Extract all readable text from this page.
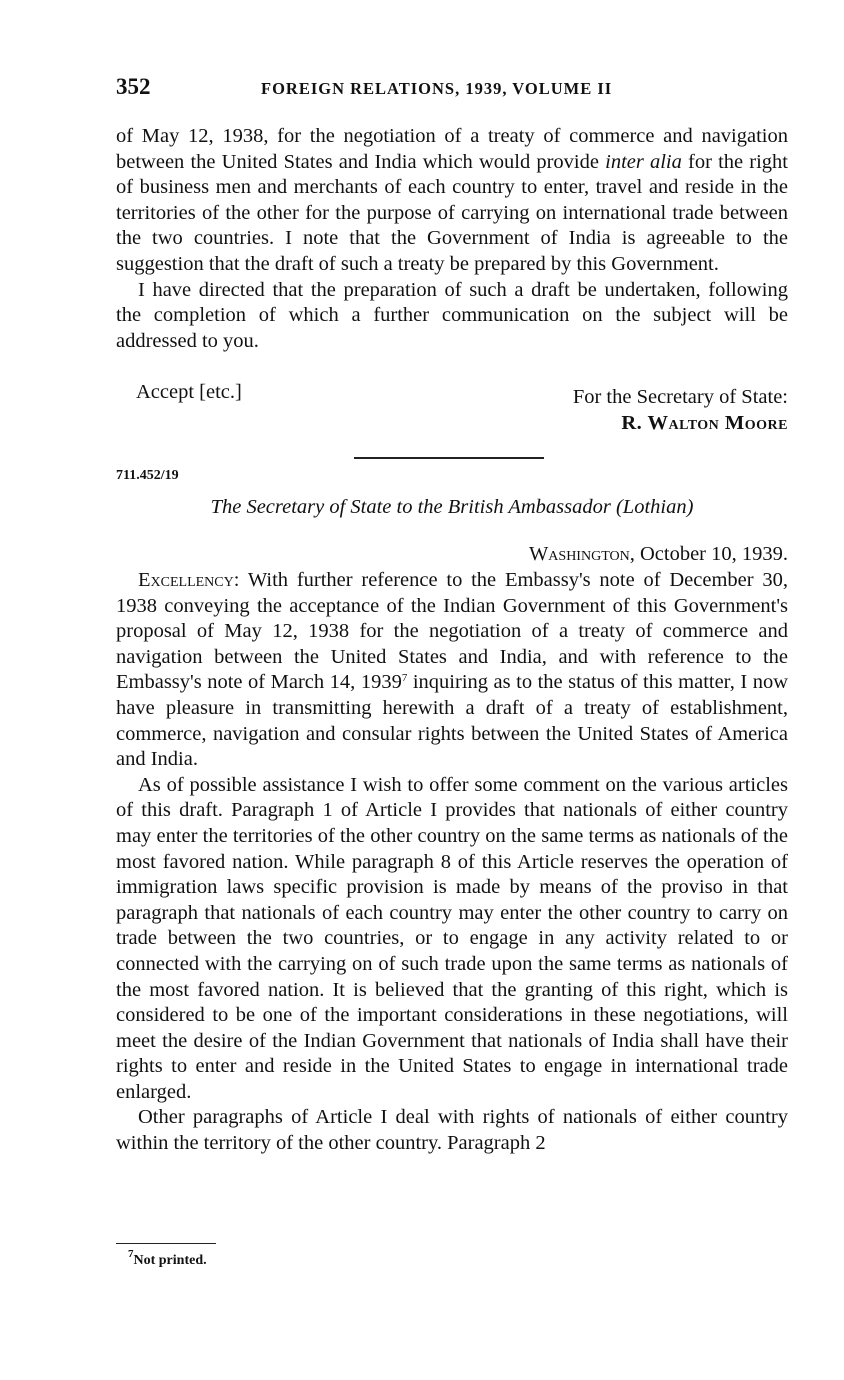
352	FOREIGN RELATIONS, 1939, VOLUME II

of May 12, 1938, for the negotiation of a treaty of commerce and navigation between the United States and India which would provide inter alia for the right of business men and merchants of each country to enter, travel and reside in the territories of the other for the purpose of carrying on international trade between the two countries. I note that the Government of India is agreeable to the suggestion that the draft of such a treaty be prepared by this Government.

I have directed that the preparation of such a draft be undertaken, following the completion of which a further communication on the subject will be addressed to you.

Accept [etc.]	For the Secretary of State:
R. Walton Moore
711.452/19
The Secretary of State to the British Ambassador (Lothian)
Washington, October 10, 1939.

Excellency: With further reference to the Embassy's note of December 30, 1938 conveying the acceptance of the Indian Government of this Government's proposal of May 12, 1938 for the negotiation of a treaty of commerce and navigation between the United States and India, and with reference to the Embassy's note of March 14, 1939$^7$ inquiring as to the status of this matter, I now have pleasure in transmitting herewith a draft of a treaty of establishment, commerce, navigation and consular rights between the United States of America and India.

As of possible assistance I wish to offer some comment on the various articles of this draft. Paragraph 1 of Article I provides that nationals of either country may enter the territories of the other country on the same terms as nationals of the most favored nation. While paragraph 8 of this Article reserves the operation of immigration laws specific provision is made by means of the proviso in that paragraph that nationals of each country may enter the other country to carry on trade between the two countries, or to engage in any activity related to or connected with the carrying on of such trade upon the same terms as nationals of the most favored nation. It is believed that the granting of this right, which is considered to be one of the important considerations in these negotiations, will meet the desire of the Indian Government that nationals of India shall have their rights to enter and reside in the United States to engage in international trade enlarged.

Other paragraphs of Article I deal with rights of nationals of either country within the territory of the other country. Paragraph 2

$^7$Not printed.
